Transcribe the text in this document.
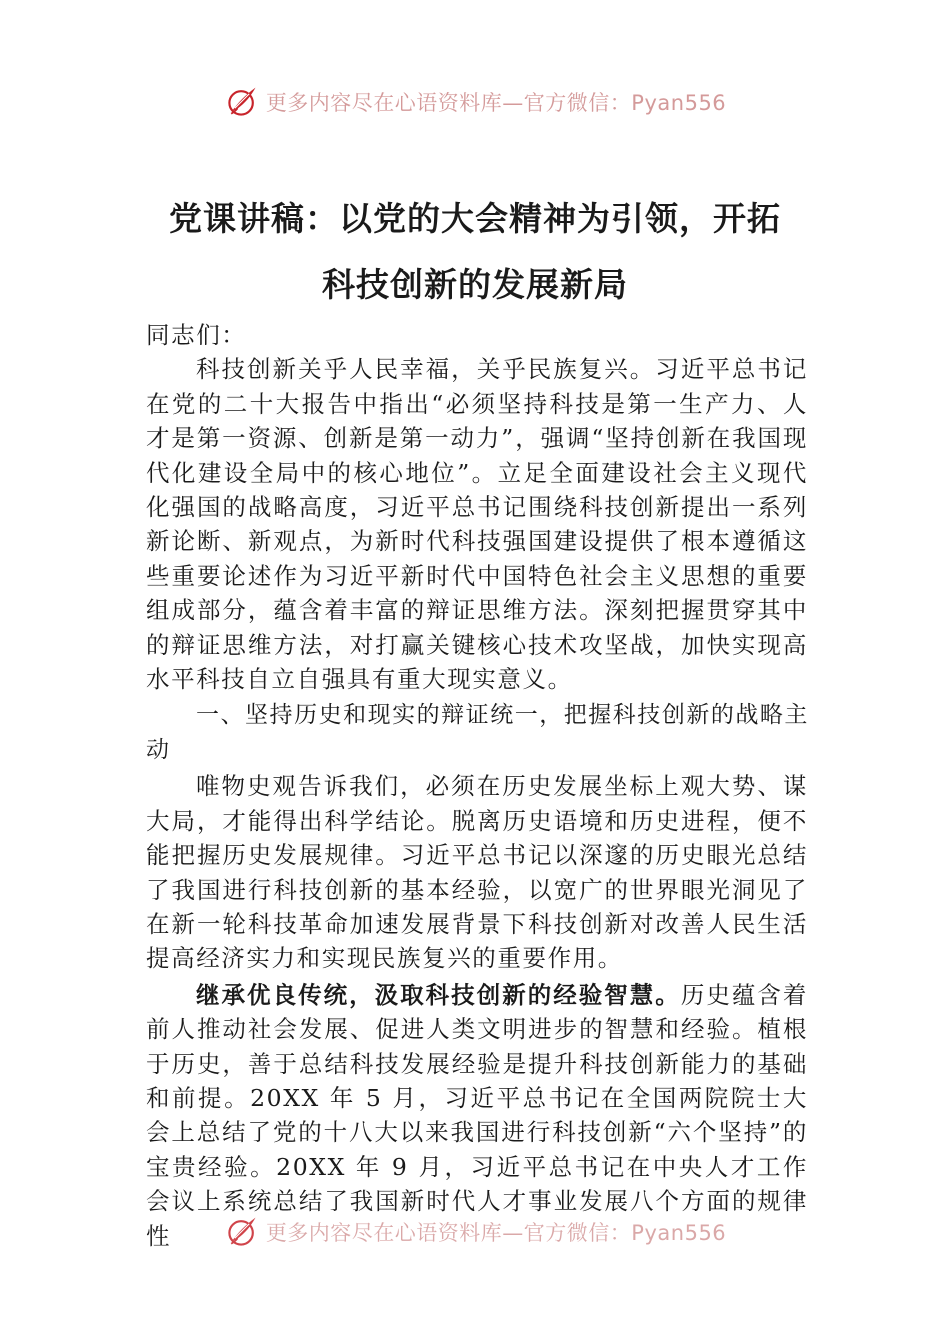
更多内容尽在心语资料库—官方微信：Pyan556
党课讲稿：以党的大会精神为引领，开拓
科技创新的发展新局

同志们：

科技创新关乎人民幸福，关乎民族复兴。习近平总书记在党的二十大报告中指出“必须坚持科技是第一生产力、人才是第一资源、创新是第一动力”，强调“坚持创新在我国现代化建设全局中的核心地位”。立足全面建设社会主义现代化强国的战略高度，习近平总书记围绕科技创新提出一系列新论断、新观点，为新时代科技强国建设提供了根本遵循这些重要论述作为习近平新时代中国特色社会主义思想的重要组成部分，蕴含着丰富的辩证思维方法。深刻把握贯穿其中的辩证思维方法，对打赢关键核心技术攻坚战，加快实现高水平科技自立自强具有重大现实意义。

一、坚持历史和现实的辩证统一，把握科技创新的战略主动

唯物史观告诉我们，必须在历史发展坐标上观大势、谋大局，才能得出科学结论。脱离历史语境和历史进程，便不能把握历史发展规律。习近平总书记以深邃的历史眼光总结了我国进行科技创新的基本经验，以宽广的世界眼光洞见了在新一轮科技革命加速发展背景下科技创新对改善人民生活提高经济实力和实现民族复兴的重要作用。

继承优良传统，汲取科技创新的经验智慧。历史蕴含着前人推动社会发展、促进人类文明进步的智慧和经验。植根于历史，善于总结科技发展经验是提升科技创新能力的基础和前提。20XX 年 5 月，习近平总书记在全国两院院士大会上总结了党的十八大以来我国进行科技创新“六个坚持”的宝贵经验。20XX 年 9 月，习近平总书记在中央人才工作会议上系统总结了我国新时代人才事业发展八个方面的规律性	更多内容尽在心语资料库—官方微信：Pyan556
